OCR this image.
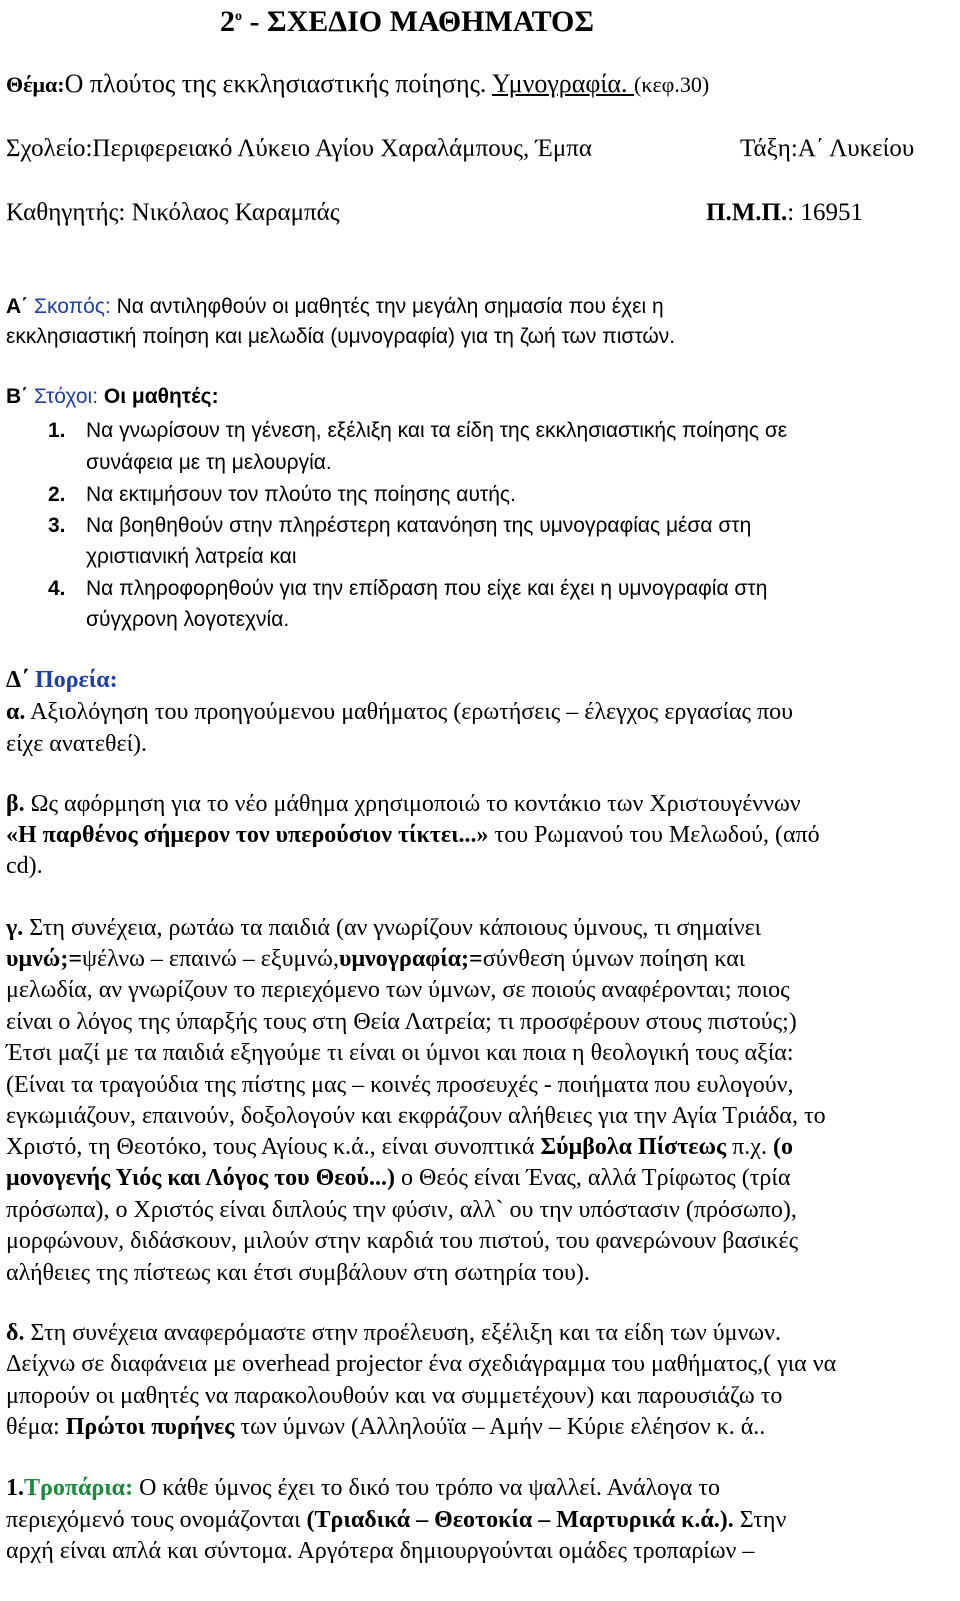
$2^o$ - ΣΧΕΔΙΟ ΜΑΘΗΜΑΤΟΣ
Θέμα:Ο πλούτος της εκκλησιαστικής ποίησης. Υμνογραφία. (κεφ.30)
Σχολείο:Περιφερειακό Λύκειο Αγίου Χαραλάμπους, Έμπα	Τάξη:Α΄ Λυκείου
Καθηγητής: Νικόλαος Καραμπάς	Π.Μ.Π.: 16951
Α΄ Σκοπός: Να αντιληφθούν οι μαθητές την μεγάλη σημασία που έχει η
εκκλησιαστική ποίηση και μελωδία (υμνογραφία) για τη ζωή των πιστών.
Β΄ Στόχοι: Οι μαθητές:
1. Να γνωρίσουν τη γένεση, εξέλιξη και τα είδη της εκκλησιαστικής ποίησης σε
συνάφεια με τη μελουργία.
2. Να εκτιμήσουν τον πλούτο της ποίησης αυτής.
3. Να βοηθηθούν στην πληρέστερη κατανόηση της υμνογραφίας μέσα στη
χριστιανική λατρεία και
4. Να πληροφορηθούν για την επίδραση που είχε και έχει η υμνογραφία στη
σύγχρονη λογοτεχνία.
Δ΄ Πορεία:
α. Αξιολόγηση του προηγούμενου μαθήματος (ερωτήσεις – έλεγχος εργασίας που
είχε ανατεθεί).
β. Ως αφόρμηση για το νέο μάθημα χρησιμοποιώ το κοντάκιο των Χριστουγέννων
«Η παρθένος σήμερον τον υπερούσιον τίκτει...» του Ρωμανού του Μελωδού, (από
cd).
γ. Στη συνέχεια, ρωτάω τα παιδιά (αν γνωρίζουν κάποιους ύμνους, τι σημαίνει
υμνώ;=ψέλνω – επαινώ – εξυμνώ,υμνογραφία;=σύνθεση ύμνων ποίηση και
μελωδία, αν γνωρίζουν το περιεχόμενο των ύμνων, σε ποιούς αναφέρονται; ποιος
είναι ο λόγος της ύπαρξής τους στη Θεία Λατρεία; τι προσφέρουν στους πιστούς;)
Έτσι μαζί με τα παιδιά εξηγούμε τι είναι οι ύμνοι και ποια η θεολογική τους αξία:
(Είναι τα τραγούδια της πίστης μας – κοινές προσευχές - ποιήματα που ευλογούν,
εγκωμιάζουν, επαινούν, δοξολογούν και εκφράζουν αλήθειες για την Αγία Τριάδα, το
Χριστό, τη Θεοτόκο, τους Αγίους κ.ά., είναι συνοπτικά Σύμβολα Πίστεως π.χ. (ο
μονογενής Υιός και Λόγος του Θεού...) ο Θεός είναι Ένας, αλλά Τρίφωτος (τρία
πρόσωπα), ο Χριστός είναι διπλούς την φύσιν, αλλ` ου την υπόστασιν (πρόσωπο),
μορφώνουν, διδάσκουν, μιλούν στην καρδιά του πιστού, του φανερώνουν βασικές
αλήθειες της πίστεως και έτσι συμβάλουν στη σωτηρία του).
δ. Στη συνέχεια αναφερόμαστε στην προέλευση, εξέλιξη και τα είδη των ύμνων.
Δείχνω σε διαφάνεια με overhead projector ένα σχεδιάγραμμα του μαθήματος,( για να
μπορούν οι μαθητές να παρακολουθούν και να συμμετέχουν) και παρουσιάζω το
θέμα: Πρώτοι πυρήνες των ύμνων (Αλληλούϊα – Αμήν – Κύριε ελέησον κ. ά..
1.Τροπάρια: Ο κάθε ύμνος έχει το δικό του τρόπο να ψαλλεί. Ανάλογα το
περιεχόμενό τους ονομάζονται (Τριαδικά – Θεοτοκία – Μαρτυρικά κ.ά.). Στην
αρχή είναι απλά και σύντομα. Αργότερα δημιουργούνται ομάδες τροπαρίων –
